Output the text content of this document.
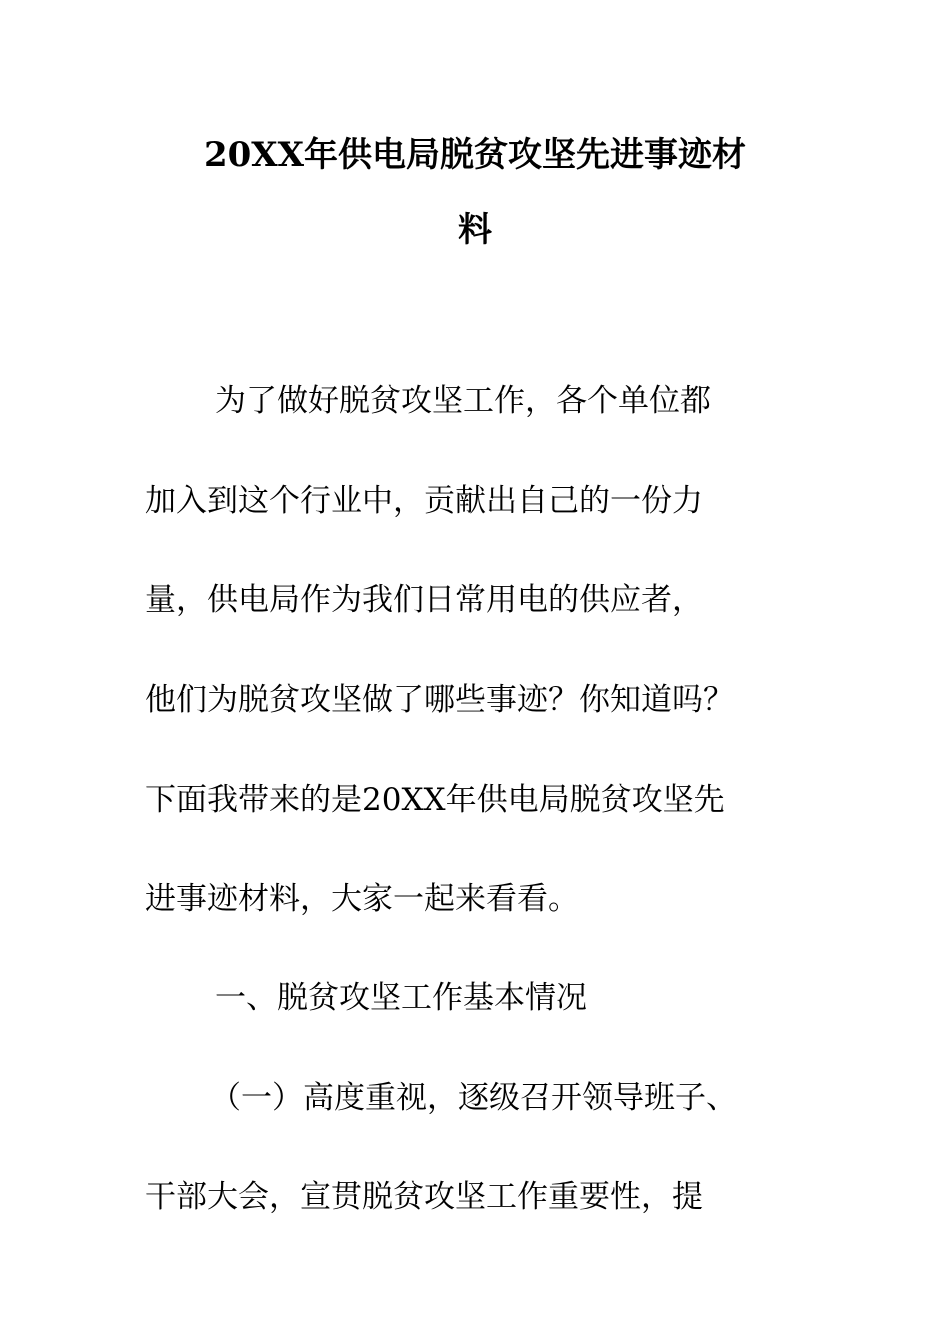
20XX年供电局脱贫攻坚先进事迹材
料
为了做好脱贫攻坚工作，各个单位都
加入到这个行业中，贡献出自己的一份力
量，供电局作为我们日常用电的供应者，
他们为脱贫攻坚做了哪些事迹？你知道吗？
下面我带来的是20XX年供电局脱贫攻坚先
进事迹材料，大家一起来看看。
一、脱贫攻坚工作基本情况
（一）高度重视，逐级召开领导班子、
干部大会，宣贯脱贫攻坚工作重要性，提
